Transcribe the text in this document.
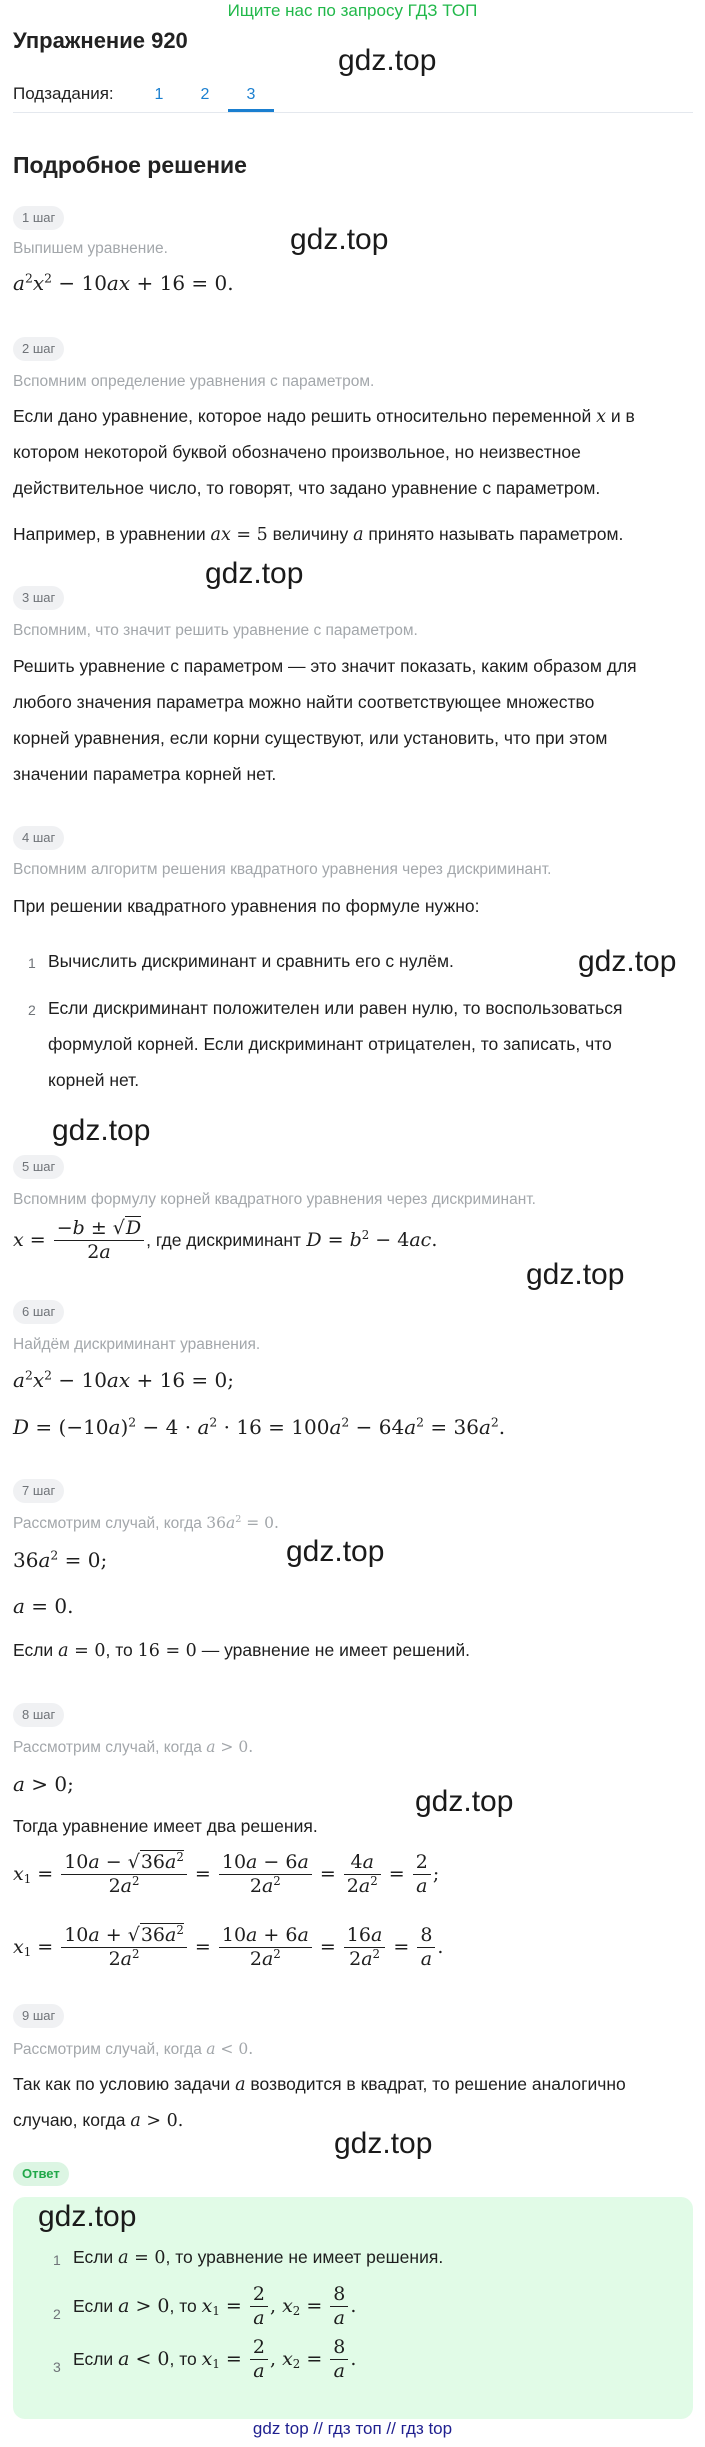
Ищите нас по запросу ГДЗ ТОП
Упражнение 920
gdz.top
Подзадания:	1	2	3
Подробное решение
1 шаг
gdz.top
Выпишем уравнение.
$a^2x^2 - 10ax + 16 = 0$.
2 шаг
Вспомним определение уравнения с параметром.
Если дано уравнение, которое надо решить относительно переменной x и в
котором некоторой буквой обозначено произвольное, но неизвестное
действительное число, то говорят, что задано уравнение с параметром.
Например, в уравнении ax = 5 величину a принято называть параметром.
gdz.top
3 шаг
Вспомним, что значит решить уравнение с параметром.
Решить уравнение с параметром — это значит показать, каким образом для
любого значения параметра можно найти соответствующее множество
корней уравнения, если корни существуют, или установить, что при этом
значении параметра корней нет.
4 шаг
Вспомним алгоритм решения квадратного уравнения через дискриминант.
При решении квадратного уравнения по формуле нужно:
1 Вычислить дискриминант и сравнить его с нулём.	gdz.top
2 Если дискриминант положителен или равен нулю, то воспользоваться
формулой корней. Если дискриминант отрицателен, то записать, что
корней нет.
gdz.top
5 шаг
Вспомним формулу корней квадратного уравнения через дискриминант.
$x = \frac{-b \pm √D}{2a}$ , где дискриминант $D = b^2 - 4ac$.
gdz.top
6 шаг
Найдём дискриминант уравнения.
$a^2x^2 - 10ax + 16 = 0$;
$D = (-10a)^2 - 4 \cdot a^2 \cdot 16 = 100a^2 - 64a^2 = 36a^2$.
7 шаг
Рассмотрим случай, когда $36a^2 = 0$.
gdz.top
$36a^2 = 0$;
a = 0.
Если a = 0, то 16 = 0 — уравнение не имеет решений.
8 шаг
Рассмотрим случай, когда a > 0.
a > 0;
gdz.top
Тогда уравнение имеет два решения.
$x_1 = \frac{10a - √36a^2}{2a^2} = \frac{10a - 6a}{2a^2} = \frac{4a}{2a^2} = \frac{2}{a}$ ;
$x_1 = \frac{10a + √36a^2}{2a^2} = \frac{10a + 6a}{2a^2} = \frac{16a}{2a^2} = \frac{8}{a}$ .
9 шаг
Рассмотрим случай, когда a < 0.
Так как по условию задачи a возводится в квадрат, то решение аналогично
случаю, когда a > 0.
gdz.top
Ответ
gdz.top
1 Если a = 0, то уравнение не имеет решения.
2 Если a > 0, то $x_1 = \frac{2}{a}$ , $x_2 = \frac{8}{a}$ .
3 Если a < 0, то $x_1 = \frac{2}{a}$ , $x_2 = \frac{8}{a}$ .
gdz top // гдз топ // гдз top
